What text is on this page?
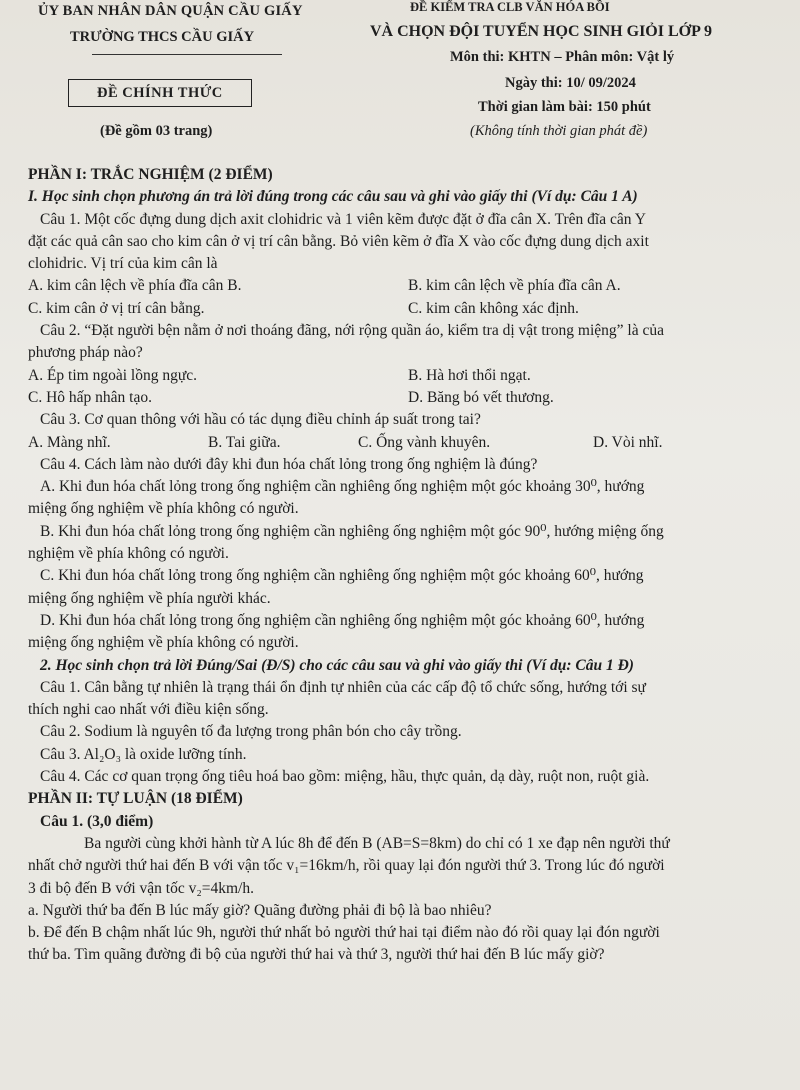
ỦY BAN NHÂN DÂN QUẬN CẦU GIẤY
TRƯỜNG THCS CẦU GIẤY
ĐỀ KIỂM TRA CLB VĂN HÓA BỒI
VÀ CHỌN ĐỘI TUYỂN HỌC SINH GIỎI LỚP 9
Môn thi: KHTN – Phân môn: Vật lý
Ngày thi: 10/ 09/2024
Thời gian làm bài: 150 phút
(Không tính thời gian phát đề)
ĐỀ CHÍNH THỨC
(Đề gồm 03 trang)
PHẦN I: TRẮC NGHIỆM (2 ĐIỂM)
I. Học sinh chọn phương án trả lời đúng trong các câu sau và ghi vào giấy thi (Ví dụ: Câu 1 A)
Câu 1. Một cốc đựng dung dịch axit clohidric và 1 viên kẽm được đặt ở đĩa cân X. Trên đĩa cân Y
đặt các quả cân sao cho kim cân ở vị trí cân bằng. Bỏ viên kẽm ở đĩa X vào cốc đựng dung dịch axit
clohidric. Vị trí của kim cân là
A. kim cân lệch về phía đĩa cân B.	B. kim cân lệch về phía đĩa cân A.
C. kim cân ở vị trí cân bằng.	C. kim cân không xác định.
Câu 2. “Đặt người bện nằm ở nơi thoáng đãng, nới rộng quần áo, kiểm tra dị vật trong miệng” là của
phương pháp nào?
A. Ép tim ngoài lồng ngực.	B. Hà hơi thổi ngạt.
C. Hô hấp nhân tạo.	D. Băng bó vết thương.
Câu 3. Cơ quan thông với hầu có tác dụng điều chỉnh áp suất trong tai?
A. Màng nhĩ.	B. Tai giữa.	C. Ống vành khuyên.	D. Vòi nhĩ.
Câu 4. Cách làm nào dưới đây khi đun hóa chất lỏng trong ống nghiệm là đúng?
A. Khi đun hóa chất lỏng trong ống nghiệm cần nghiêng ống nghiệm một góc khoảng 30⁰, hướng
miệng ống nghiệm về phía không có người.
B. Khi đun hóa chất lỏng trong ống nghiệm cần nghiêng ống nghiệm một góc 90⁰, hướng miệng ống
nghiệm về phía không có người.
C. Khi đun hóa chất lỏng trong ống nghiệm cần nghiêng ống nghiệm một góc khoảng 60⁰, hướng
miệng ống nghiệm về phía người khác.
D. Khi đun hóa chất lỏng trong ống nghiệm cần nghiêng ống nghiệm một góc khoảng 60⁰, hướng
miệng ống nghiệm về phía không có người.
2. Học sinh chọn trả lời Đúng/Sai (Đ/S) cho các câu sau và ghi vào giấy thi (Ví dụ: Câu 1 Đ)
Câu 1. Cân bằng tự nhiên là trạng thái ổn định tự nhiên của các cấp độ tổ chức sống, hướng tới sự
thích nghi cao nhất với điều kiện sống.
Câu 2. Sodium là nguyên tố đa lượng trong phân bón cho cây trồng.
Câu 3. Al₂O₃ là oxide lưỡng tính.
Câu 4. Các cơ quan trọng ống tiêu hoá bao gồm: miệng, hầu, thực quản, dạ dày, ruột non, ruột già.
PHẦN II: TỰ LUẬN (18 ĐIỂM)
Câu 1. (3,0 điểm)
Ba người cùng khởi hành từ A lúc 8h để đến B (AB=S=8km) do chỉ có 1 xe đạp nên người thứ
nhất chở người thứ hai đến B với vận tốc v₁=16km/h, rồi quay lại đón người thứ 3. Trong lúc đó người
3 đi bộ đến B với vận tốc v₂=4km/h.
a. Người thứ ba đến B lúc mấy giờ? Quãng đường phải đi bộ là bao nhiêu?
b. Để đến B chậm nhất lúc 9h, người thứ nhất bỏ người thứ hai tại điểm nào đó rồi quay lại đón người
thứ ba. Tìm quãng đường đi bộ của người thứ hai và thứ 3, người thứ hai đến B lúc mấy giờ?
